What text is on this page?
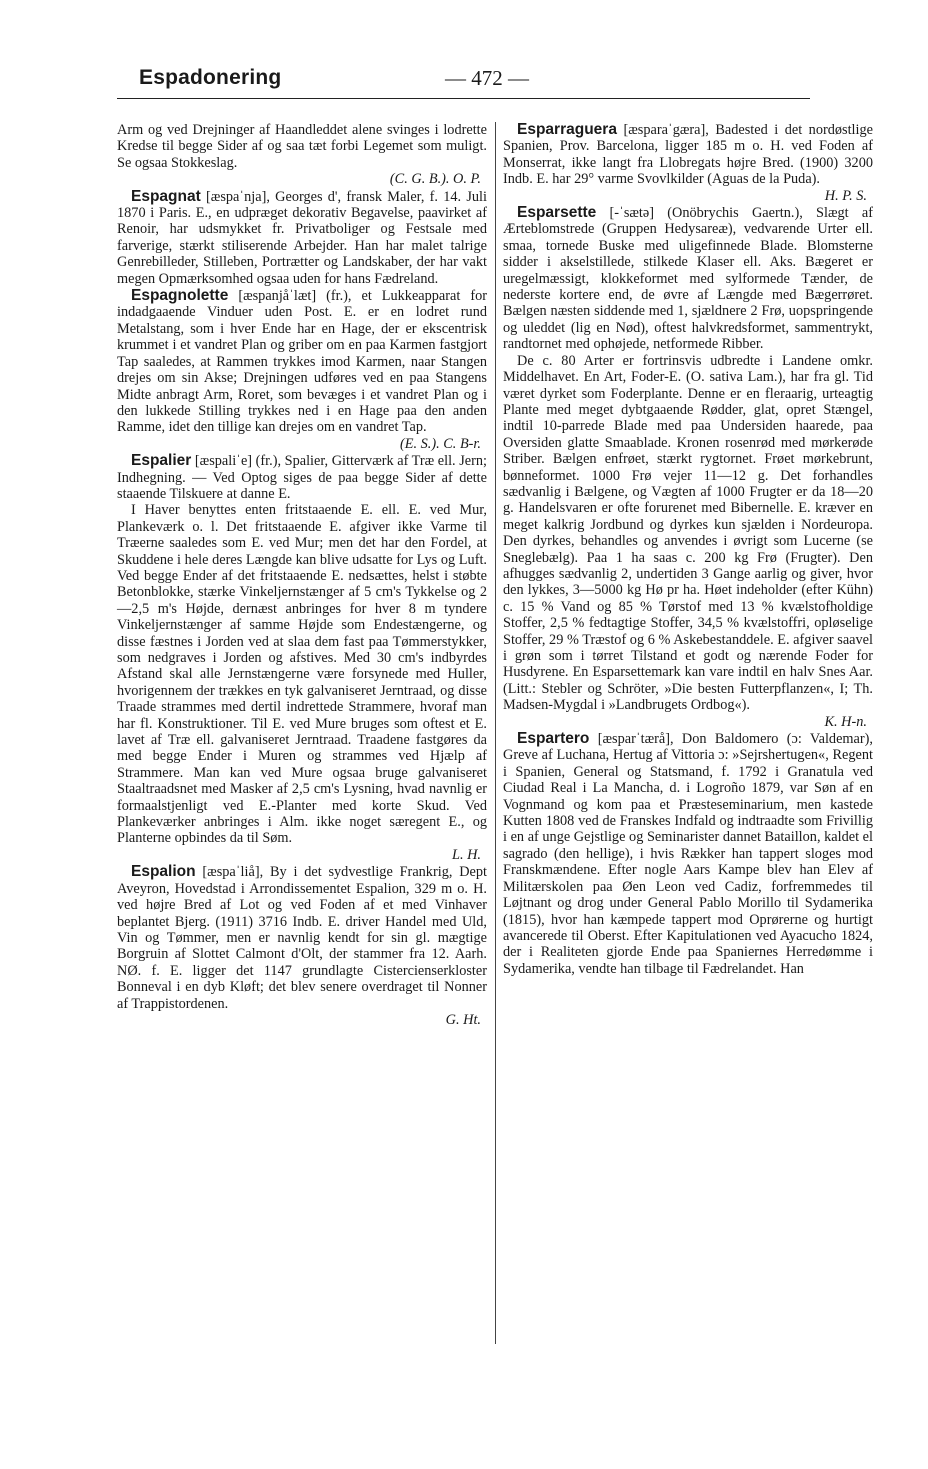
Espadonering	— 472 —

Arm og ved Drejninger af Haandleddet alene svinges i lodrette Kredse til begge Sider af og saa tæt forbi Legemet som muligt. Se ogsaa Stokkeslag.

(C. G. B.). O. P.

Espagnat [æspaˈnja], Georges d', fransk Maler, f. 14. Juli 1870 i Paris. E., en udpræget dekorativ Begavelse, paavirket af Renoir, har udsmykket fr. Privatboliger og Festsale med farverige, stærkt stiliserende Arbejder. Han har malet talrige Genrebilleder, Stilleben, Portrætter og Landskaber, der har vakt megen Opmærksomhed ogsaa uden for hans Fædreland.

Espagnolette [æspanjåˈlæt] (fr.), et Lukkeapparat for indadgaaende Vinduer uden Post. E. er en lodret rund Metalstang, som i hver Ende har en Hage, der er ekscentrisk krummet i et vandret Plan og griber om en paa Karmen fastgjort Tap saaledes, at Rammen trykkes imod Karmen, naar Stangen drejes om sin Akse; Drejningen udføres ved en paa Stangens Midte anbragt Arm, Roret, som bevæges i et vandret Plan og i den lukkede Stilling trykkes ned i en Hage paa den anden Ramme, idet den tillige kan drejes om en vandret Tap.

(E. S.). C. B-r.

Espalier [æspaliˈe] (fr.), Spalier, Gitterværk af Træ ell. Jern; Indhegning. — Ved Optog siges de paa begge Sider af dette staaende Tilskuere at danne E.

I Haver benyttes enten fritstaaende E. ell. E. ved Mur, Plankeværk o. l. Det fritstaaende E. afgiver ikke Varme til Træerne saaledes som E. ved Mur; men det har den Fordel, at Skuddene i hele deres Længde kan blive udsatte for Lys og Luft. Ved begge Ender af det fritstaaende E. nedsættes, helst i støbte Betonblokke, stærke Vinkeljernstænger af 5 cm's Tykkelse og 2—2,5 m's Højde, dernæst anbringes for hver 8 m tyndere Vinkeljernstænger af samme Højde som Endestængerne, og disse fæstnes i Jorden ved at slaa dem fast paa Tømmerstykker, som nedgraves i Jorden og afstives. Med 30 cm's indbyrdes Afstand skal alle Jernstængerne være forsynede med Huller, hvorigennem der trækkes en tyk galvaniseret Jerntraad, og disse Traade strammes med dertil indrettede Strammere, hvoraf man har fl. Konstruktioner. Til E. ved Mure bruges som oftest et E. lavet af Træ ell. galvaniseret Jerntraad. Traadene fastgøres da med begge Ender i Muren og strammes ved Hjælp af Strammere. Man kan ved Mure ogsaa bruge galvaniseret Staaltraadsnet med Masker af 2,5 cm's Lysning, hvad navnlig er formaalstjenligt ved E.-Planter med korte Skud. Ved Plankeværker anbringes i Alm. ikke noget særegent E., og Planterne opbindes da til Søm.

L. H.

Espalion [æspaˈliå], By i det sydvestlige Frankrig, Dept Aveyron, Hovedstad i Arrondissementet Espalion, 329 m o. H. ved højre Bred af Lot og ved Foden af et med Vinhaver beplantet Bjerg. (1911) 3716 Indb. E. driver Handel med Uld, Vin og Tømmer, men er navnlig kendt for sin gl. mægtige Borgruin af Slottet Calmont d'Olt, der stammer fra 12. Aarh. NØ. f. E. ligger det 1147 grundlagte Cistercienserkloster Bonneval i en dyb Kløft; det blev senere overdraget til Nonner af Trappistordenen.

G. Ht.

Esparraguera [æsparaˈgæra], Badested i det nordøstlige Spanien, Prov. Barcelona, ligger 185 m o. H. ved Foden af Monserrat, ikke langt fra Llobregats højre Bred. (1900) 3200 Indb. E. har 29° varme Svovlkilder (Aguas de la Puda).

H. P. S.

Esparsette [-ˈsætə] (Onöbrychis Gaertn.), Slægt af Ærteblomstrede (Gruppen Hedysareæ), vedvarende Urter ell. smaa, tornede Buske med uligefinnede Blade. Blomsterne sidder i akselstillede, stilkede Klaser ell. Aks. Bægeret er uregelmæssigt, klokkeformet med sylformede Tænder, de nederste kortere end, de øvre af Længde med Bægerrøret. Bælgen næsten siddende med 1, sjældnere 2 Frø, uopspringende og uleddet (lig en Nød), oftest halvkredsformet, sammentrykt, randtornet med ophøjede, netformede Ribber.

De c. 80 Arter er fortrinsvis udbredte i Landene omkr. Middelhavet. En Art, Foder-E. (O. sativa Lam.), har fra gl. Tid været dyrket som Foderplante. Denne er en fleraarig, urteagtig Plante med meget dybtgaaende Rødder, glat, opret Stængel, indtil 10-parrede Blade med paa Undersiden haarede, paa Oversiden glatte Smaablade. Kronen rosenrød med mørkerøde Striber. Bælgen enfrøet, stærkt rygtornet. Frøet mørkebrunt, bønneformet. 1000 Frø vejer 11—12 g. Det forhandles sædvanlig i Bælgene, og Vægten af 1000 Frugter er da 18—20 g. Handelsvaren er ofte forurenet med Bibernelle. E. kræver en meget kalkrig Jordbund og dyrkes kun sjælden i Nordeuropa. Den dyrkes, behandles og anvendes i øvrigt som Lucerne (se Sneglebælg). Paa 1 ha saas c. 200 kg Frø (Frugter). Den afhugges sædvanlig 2, undertiden 3 Gange aarlig og giver, hvor den lykkes, 3—5000 kg Hø pr ha. Høet indeholder (efter Kühn) c. 15 % Vand og 85 % Tørstof med 13 % kvælstofholdige Stoffer, 2,5 % fedtagtige Stoffer, 34,5 % kvælstoffri, opløselige Stoffer, 29 % Træstof og 6 % Askebestanddele. E. afgiver saavel i grøn som i tørret Tilstand et godt og nærende Foder for Husdyrene. En Esparsettemark kan vare indtil en halv Snes Aar. (Litt.: Stebler og Schröter, »Die besten Futterpflanzen«, I; Th. Madsen-Mygdal i »Landbrugets Ordbog«).

K. H-n.

Espartero [æsparˈtærå], Don Baldomero (ɔ: Valdemar), Greve af Luchana, Hertug af Vittoria ɔ: »Sejrshertugen«, Regent i Spanien, General og Statsmand, f. 1792 i Granatula ved Ciudad Real i La Mancha, d. i Logroño 1879, var Søn af en Vognmand og kom paa et Præsteseminarium, men kastede Kutten 1808 ved de Franskes Indfald og indtraadte som Frivillig i en af unge Gejstlige og Seminarister dannet Bataillon, kaldet el sagrado (den hellige), i hvis Rækker han tappert sloges mod Franskmændene. Efter nogle Aars Kampe blev han Elev af Militærskolen paa Øen Leon ved Cadiz, forfremmedes til Løjtnant og drog under General Pablo Morillo til Sydamerika (1815), hvor han kæmpede tappert mod Oprørerne og hurtigt avancerede til Oberst. Efter Kapitulationen ved Ayacucho 1824, der i Realiteten gjorde Ende paa Spaniernes Herredømme i Sydamerika, vendte han tilbage til Fædrelandet. Han
